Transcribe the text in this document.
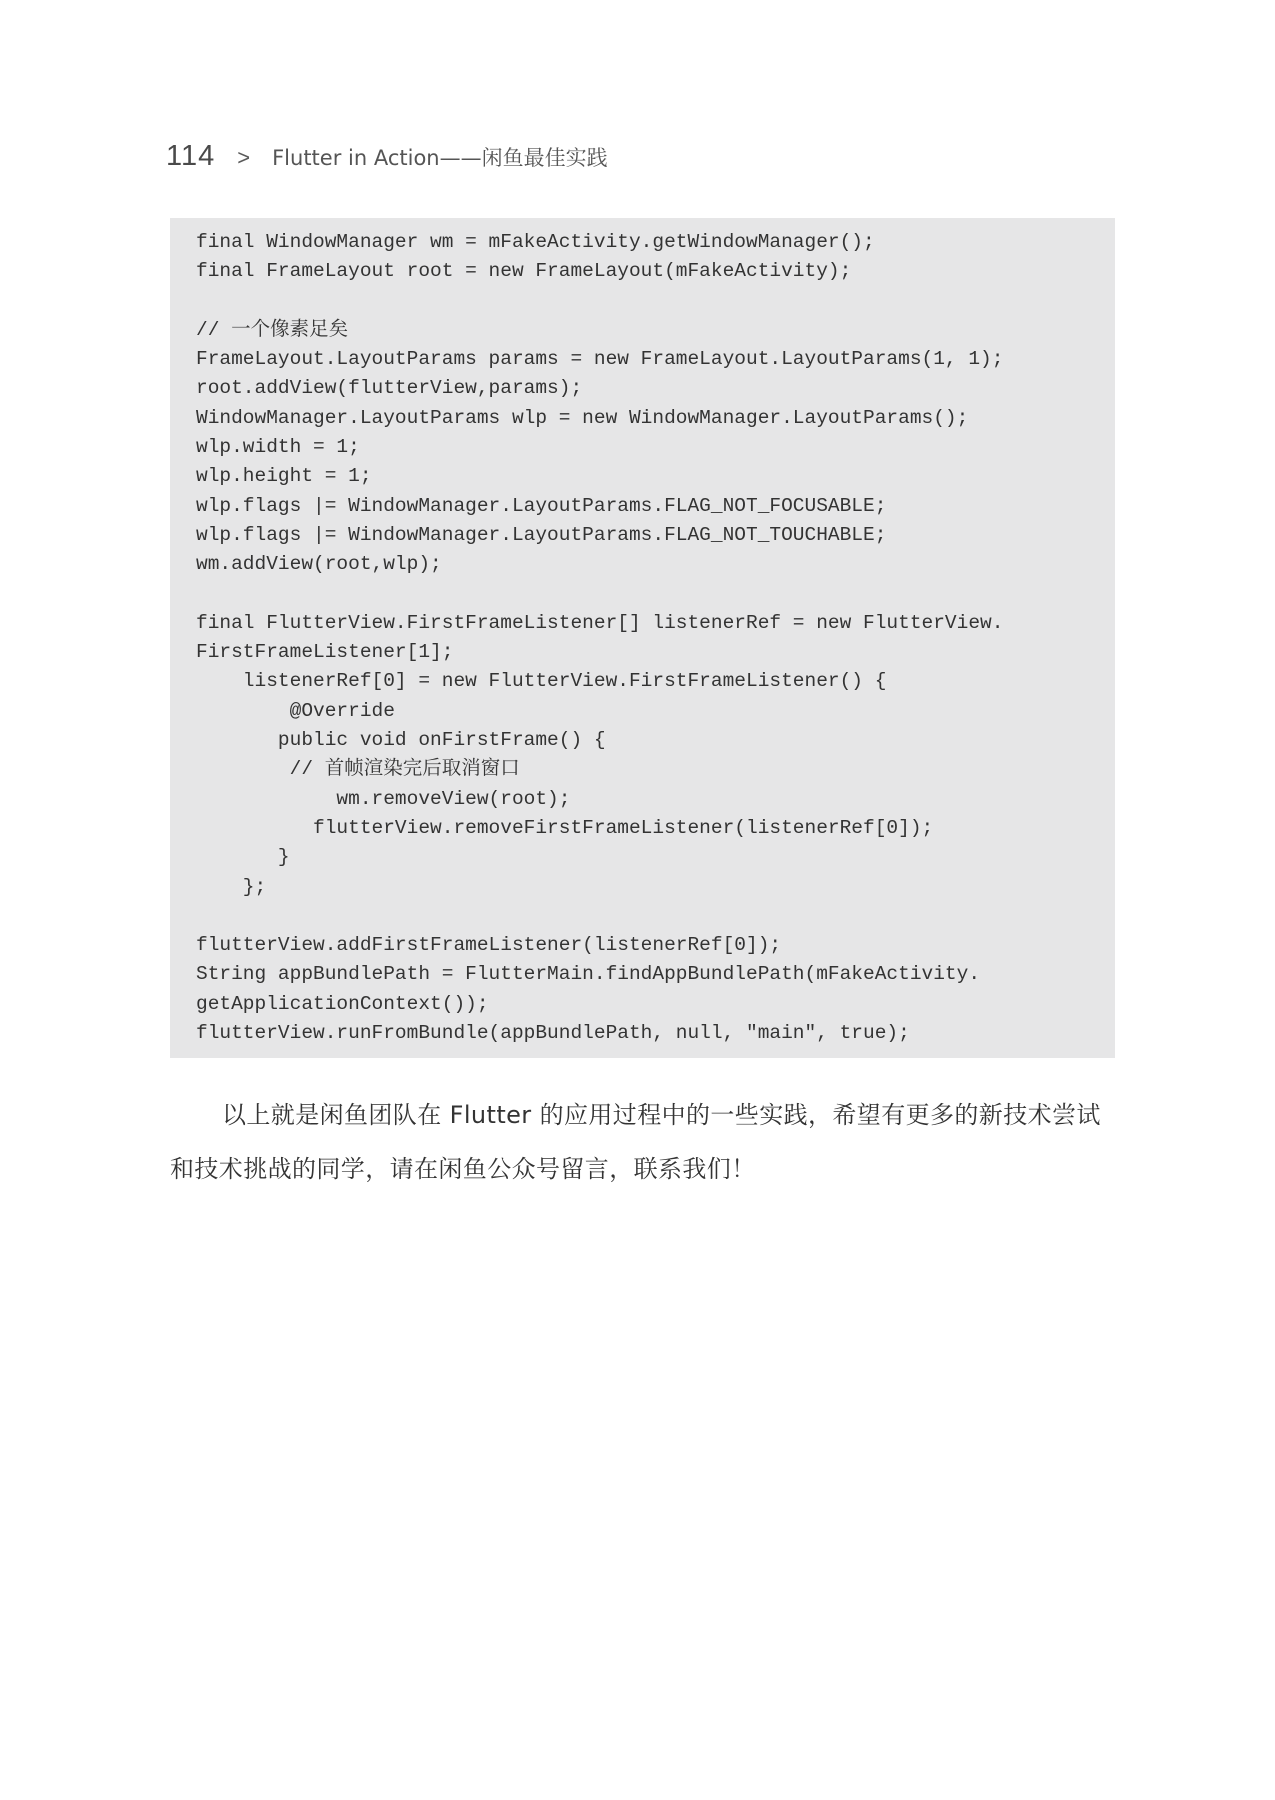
114 > Flutter in Action——闲鱼最佳实践
final WindowManager wm = mFakeActivity.getWindowManager();
final FrameLayout root = new FrameLayout(mFakeActivity);
// 一个像素足矣
FrameLayout.LayoutParams params = new FrameLayout.LayoutParams(1, 1);
root.addView(flutterView,params);
WindowManager.LayoutParams wlp = new WindowManager.LayoutParams();
wlp.width = 1;
wlp.height = 1;
wlp.flags |= WindowManager.LayoutParams.FLAG_NOT_FOCUSABLE;
wlp.flags |= WindowManager.LayoutParams.FLAG_NOT_TOUCHABLE;
wm.addView(root,wlp);
final FlutterView.FirstFrameListener[] listenerRef = new FlutterView.
FirstFrameListener[1];
listenerRef[0] = new FlutterView.FirstFrameListener() {
@Override
public void onFirstFrame() {
// 首帧渲染完后取消窗口
wm.removeView(root);
flutterView.removeFirstFrameListener(listenerRef[0]);
}
};
flutterView.addFirstFrameListener(listenerRef[0]);
String appBundlePath = FlutterMain.findAppBundlePath(mFakeActivity.
getApplicationContext());
flutterView.runFromBundle(appBundlePath, null, "main", true);

以上就是闲鱼团队在 Flutter 的应用过程中的一些实践，希望有更多的新技术尝试和技术挑战的同学，请在闲鱼公众号留言，联系我们！
